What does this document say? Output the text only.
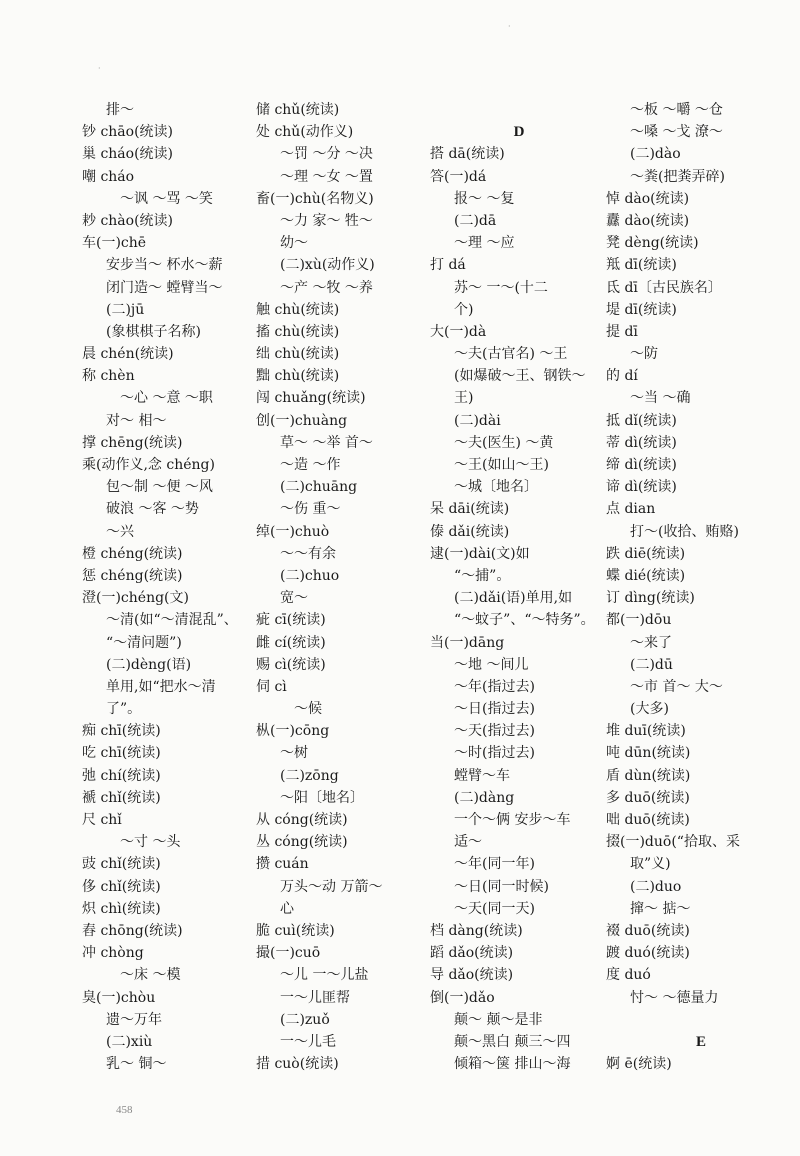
·
·
排～
钞 chāo(统读)
巢 cháo(统读)
嘲 cháo
～讽 ～骂 ～笑
耖 chào(统读)
车(一)chē
安步当～ 杯水～薪
闭门造～ 螳臂当～
(二)jū
(象棋棋子名称)
晨 chén(统读)
称 chèn
～心 ～意 ～职
对～ 相～
撑 chēng(统读)
乘(动作义,念 chéng)
包～制 ～便 ～风
破浪 ～客 ～势
～兴
橙 chéng(统读)
惩 chéng(统读)
澄(一)chéng(文)
～清(如“～清混乱”、
“～清问题”)
(二)dèng(语)
单用,如“把水～清
了”。
痴 chī(统读)
吃 chī(统读)
弛 chí(统读)
褫 chǐ(统读)
尺 chǐ
～寸 ～头
豉 chǐ(统读)
侈 chǐ(统读)
炽 chì(统读)
舂 chōng(统读)
冲 chòng
～床 ～模
臭(一)chòu
遗～万年
(二)xiù
乳～ 铜～
储 chǔ(统读)
处 chǔ(动作义)
～罚 ～分 ～决
～理 ～女 ～置
畜(一)chù(名物义)
～力 家～ 牲～
幼～
(二)xù(动作义)
～产 ～牧 ～养
触 chù(统读)
搐 chù(统读)
绌 chù(统读)
黜 chù(统读)
闯 chuǎng(统读)
创(一)chuàng
草～ ～举 首～
～造 ～作
(二)chuāng
～伤 重～
绰(一)chuò
～～有余
(二)chuo
宽～
疵 cī(统读)
雌 cí(统读)
赐 cì(统读)
伺 cì
～候
枞(一)cōng
～树
(二)zōng
～阳〔地名〕
从 cóng(统读)
丛 cóng(统读)
攒 cuán
万头～动 万箭～
心
脆 cuì(统读)
撮(一)cuō
～儿 一～儿盐
一～儿匪帮
(二)zuǒ
一～儿毛
措 cuò(统读)
D
搭 dā(统读)
答(一)dá
报～ ～复
(二)dā
～理 ～应
打 dá
苏～ 一～(十二
个)
大(一)dà
～夫(古官名) ～王
(如爆破～王、钢铁～
王)
(二)dài
～夫(医生) ～黄
～王(如山～王)
～城〔地名〕
呆 dāi(统读)
傣 dǎi(统读)
逮(一)dài(文)如
“～捕”。
(二)dǎi(语)单用,如
“～蚊子”、“～特务”。
当(一)dāng
～地 ～间儿
～年(指过去)
～日(指过去)
～天(指过去)
～时(指过去)
螳臂～车
(二)dàng
一个～俩 安步～车
适～
～年(同一年)
～日(同一时候)
～天(同一天)
档 dàng(统读)
蹈 dǎo(统读)
导 dǎo(统读)
倒(一)dǎo
颠～ 颠～是非
颠～黑白 颠三～四
倾箱～箧 排山～海
～板 ～嚼 ～仓
～嗓 ～戈 潦～
(二)dào
～粪(把粪弄碎)
悼 dào(统读)
纛 dào(统读)
凳 dèng(统读)
羝 dī(统读)
氐 dī〔古民族名〕
堤 dī(统读)
提 dī
～防
的 dí
～当 ～确
抵 dǐ(统读)
蒂 dì(统读)
缔 dì(统读)
谛 dì(统读)
点 dian
打～(收拾、贿赂)
跌 diē(统读)
蝶 dié(统读)
订 dìng(统读)
都(一)dōu
～来了
(二)dū
～市 首～ 大～
(大多)
堆 duī(统读)
吨 dūn(统读)
盾 dùn(统读)
多 duō(统读)
咄 duō(统读)
掇(一)duō(“拾取、采
取”义)
(二)duo
撺～ 掂～
裰 duō(统读)
踱 duó(统读)
度 duó
忖～ ～德量力
E
婀 ē(统读)
458
